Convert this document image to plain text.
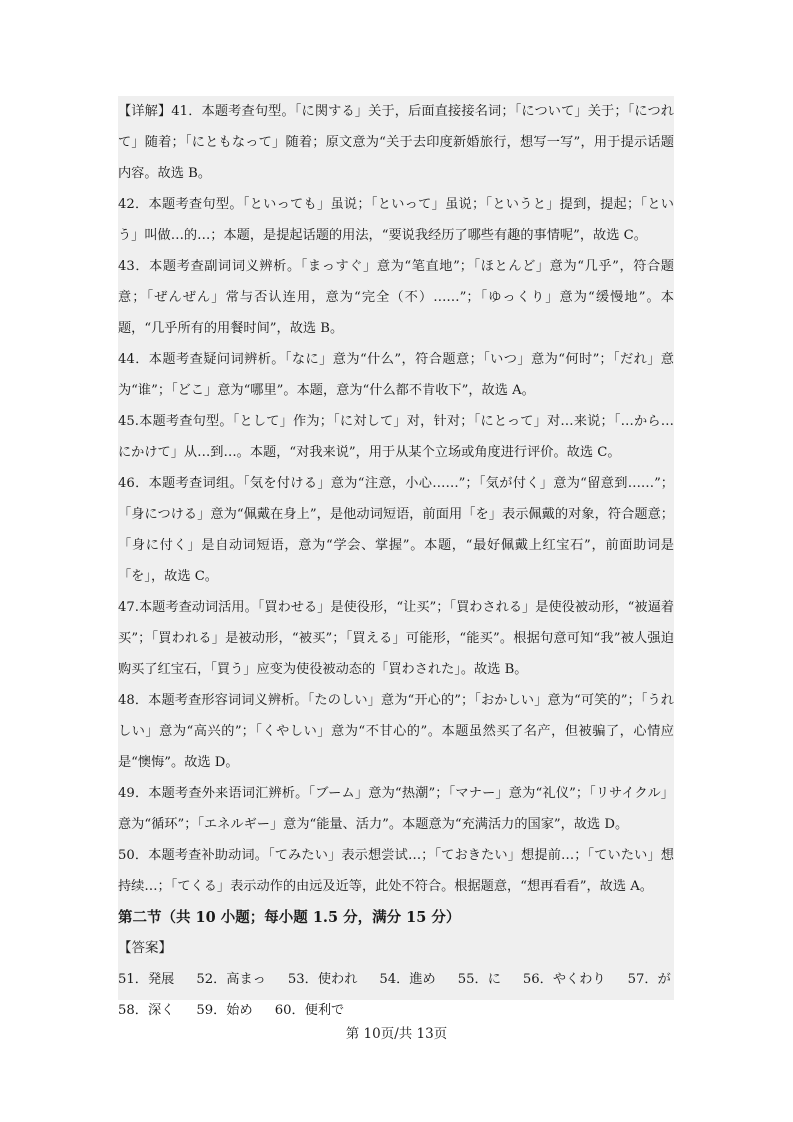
【详解】41．本题考查句型。「に関する」关于，后面直接接名词；「について」关于；「につれて」随着；「にともなって」随着；原文意为“关于去印度新婚旅行，想写一写”，用于提示话题内容。故选 B。

42．本题考查句型。「といっても」虽说；「といって」虽说；「というと」提到，提起；「という」叫做…的…；本题，是提起话题的用法，“要说我经历了哪些有趣的事情呢”，故选 C。

43．本题考查副词词义辨析。「まっすぐ」意为“笔直地”；「ほとんど」意为“几乎”，符合题意；「ぜんぜん」常与否认连用，意为“完全（不）……”；「ゆっくり」意为“缓慢地”。本题，“几乎所有的用餐时间”，故选 B。

44．本题考查疑问词辨析。「なに」意为“什么”，符合题意；「いつ」意为“何时”；「だれ」意为“谁”；「どこ」意为“哪里”。本题，意为“什么都不肯收下”，故选 A。

45.本题考查句型。「として」作为；「に対して」对，针对；「にとって」对…来说；「…から…にかけて」从…到…。本题，“对我来说”，用于从某个立场或角度进行评价。故选 C。

46．本题考查词组。「気を付ける」意为“注意，小心……”；「気が付く」意为“留意到……”；「身につける」意为“佩戴在身上”，是他动词短语，前面用「を」表示佩戴的对象，符合题意；「身に付く」是自动词短语，意为“学会、掌握”。本题，“最好佩戴上红宝石”，前面助词是「を」，故选 C。

47.本题考查动词活用。「買わせる」是使役形，“让买”；「買わされる」是使役被动形，“被逼着买”；「買われる」是被动形，“被买”；「買える」可能形，“能买”。根据句意可知“我”被人强迫购买了红宝石，「買う」应变为使役被动态的「買わされた」。故选 B。

48．本题考查形容词词义辨析。「たのしい」意为“开心的”；「おかしい」意为“可笑的”；「うれしい」意为“高兴的”；「くやしい」意为“不甘心的”。本题虽然买了名产，但被骗了，心情应是“懊悔”。故选 D。

49．本题考查外来语词汇辨析。「ブーム」意为“热潮”；「マナー」意为“礼仪”；「リサイクル」意为“循环”；「エネルギー」意为“能量、活力”。本题意为“充满活力的国家”，故选 D。

50．本题考查补助动词。「てみたい」表示想尝试…；「ておきたい」想提前…；「ていたい」想持续…；「てくる」表示动作的由远及近等，此处不符合。根据题意，“想再看看”，故选 A。

第二节（共 10 小题；每小题 1.5 分，满分 15 分）

【答案】

51．発展 52．高まっ 53．使われ 54．進め 55．に 56．やくわり 57．が
58．深く 59．始め 60．便利で
第 10页/共 13页
